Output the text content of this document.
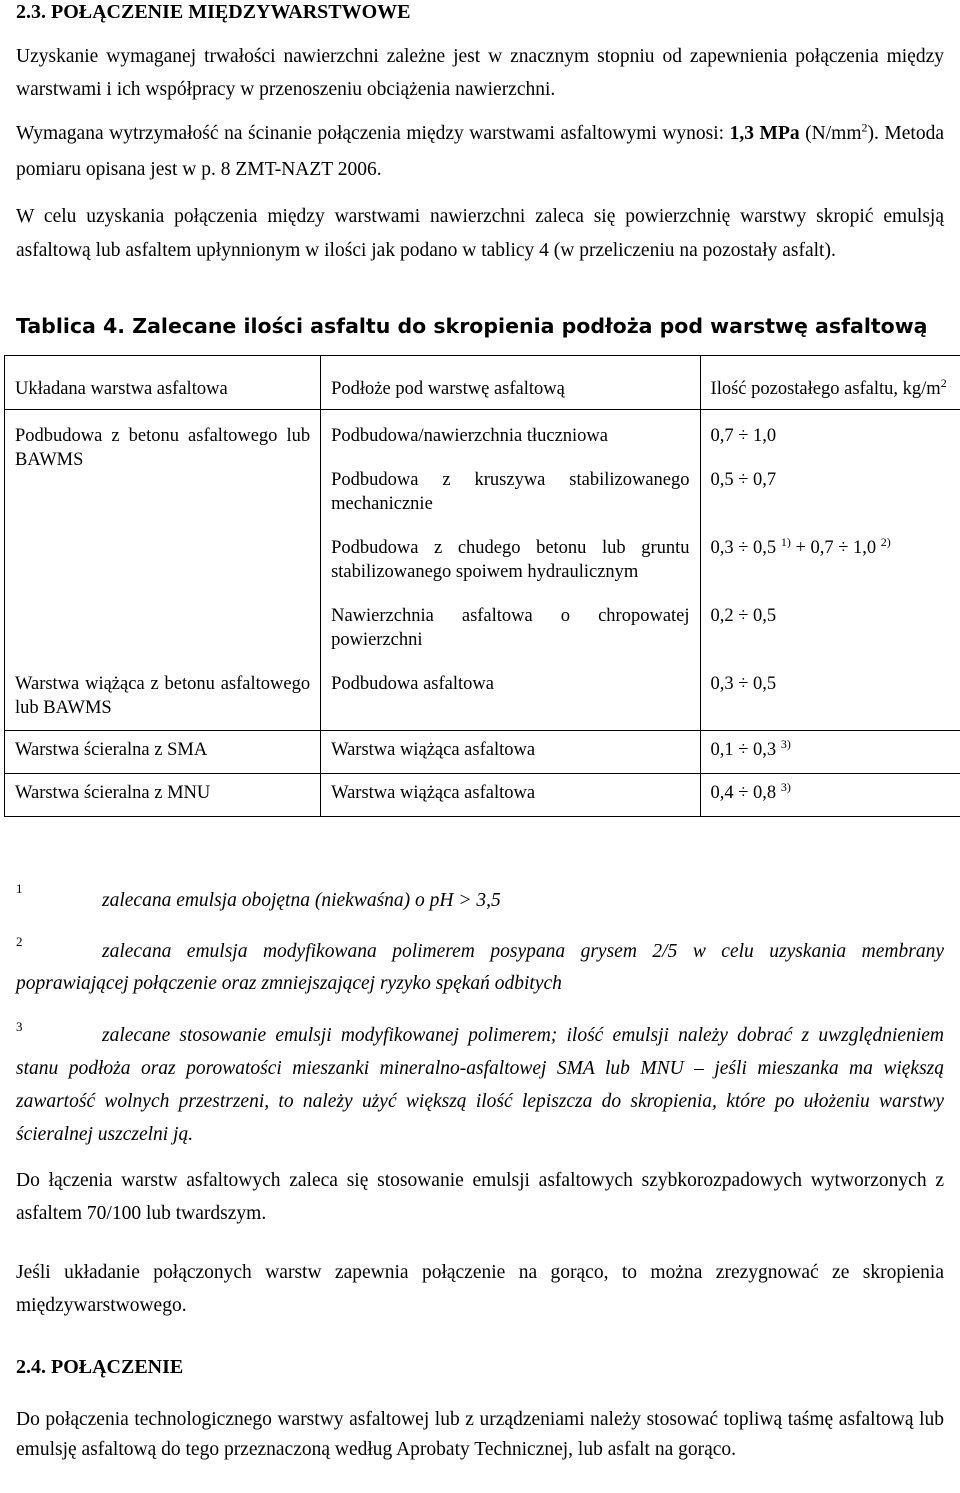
2.3. POŁĄCZENIE MIĘDZYWARSTWOWE
Uzyskanie wymaganej trwałości nawierzchni zależne jest w znacznym stopniu od zapewnienia połączenia między warstwami i ich współpracy w przenoszeniu obciążenia nawierzchni.
Wymagana wytrzymałość na ścinanie połączenia między warstwami asfaltowymi wynosi: 1,3 MPa $(N/mm^2)$. Metoda pomiaru opisana jest w p. 8 ZMT-NAZT 2006.
W celu uzyskania połączenia między warstwami nawierzchni zaleca się powierzchnię warstwy skropić emulsją asfaltową lub asfaltem upłynnionym w ilości jak podano w tablicy 4 (w przeliczeniu na pozostały asfalt).
Tablica 4. Zalecane ilości asfaltu do skropienia podłoża pod warstwę asfaltową
Układana warstwa asfaltowa	Podłoże pod warstwę asfaltową	Ilość pozostałego asfaltu, $kg/m^2$
Podbudowa z betonu asfaltowego lub BAWMS	Podbudowa/nawierzchnia tłuczniowa	0,7 ÷ 1,0
	Podbudowa z kruszywa stabilizowanego mechanicznie	0,5 ÷ 0,7
	Podbudowa z chudego betonu lub gruntu stabilizowanego spoiwem hydraulicznym	0,3 ÷ 0,5 $^{1)}$ + 0,7 ÷ 1,0 $^{2)}$
	Nawierzchnia asfaltowa o chropowatej powierzchni	0,2 ÷ 0,5
Warstwa wiążąca z betonu asfaltowego lub BAWMS	Podbudowa asfaltowa	0,3 ÷ 0,5
Warstwa ścieralna z SMA	Warstwa wiążąca asfaltowa	0,1 ÷ 0,3 $^{3)}$
Warstwa ścieralna z MNU	Warstwa wiążąca asfaltowa	0,4 ÷ 0,8 $^{3)}$
1
zalecana emulsja obojętna (niekwaśna) o pH > 3,5
2	zalecana emulsja modyfikowana polimerem posypana grysem 2/5 w celu uzyskania membrany poprawiającej połączenie oraz zmniejszającej ryzyko spękań odbitych
3	zalecane stosowanie emulsji modyfikowanej polimerem; ilość emulsji należy dobrać z uwzględnieniem stanu podłoża oraz porowatości mieszanki mineralno-asfaltowej SMA lub MNU – jeśli mieszanka ma większą zawartość wolnych przestrzeni, to należy użyć większą ilość lepiszcza do skropienia, które po ułożeniu warstwy ścieralnej uszczelni ją.
Do łączenia warstw asfaltowych zaleca się stosowanie emulsji asfaltowych szybkorozpadowych wytworzonych z asfaltem 70/100 lub twardszym.
Jeśli układanie połączonych warstw zapewnia połączenie na gorąco, to można zrezygnować ze skropienia międzywarstwowego.
2.4. POŁĄCZENIE
Do połączenia technologicznego warstwy asfaltowej lub z urządzeniami należy stosować topliwą taśmę asfaltową lub emulsję asfaltową do tego przeznaczoną według Aprobaty Technicznej, lub asfalt na gorąco.
